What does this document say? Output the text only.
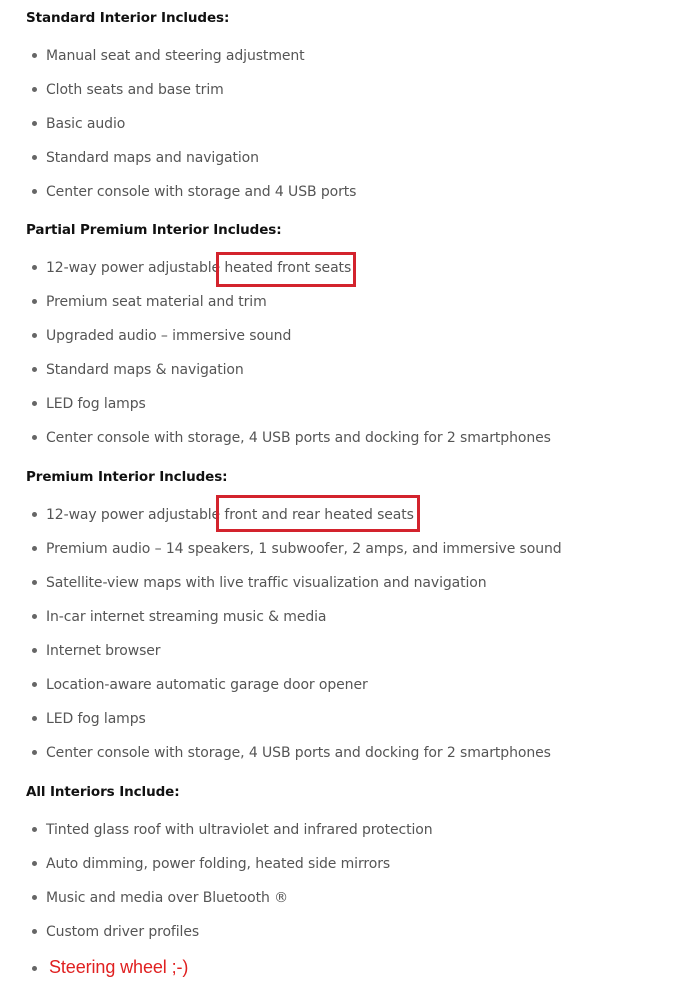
Standard Interior Includes:
Manual seat and steering adjustment
Cloth seats and base trim
Basic audio
Standard maps and navigation
Center console with storage and 4 USB ports
Partial Premium Interior Includes:
12-way power adjustable heated front seats
Premium seat material and trim
Upgraded audio – immersive sound
Standard maps & navigation
LED fog lamps
Center console with storage, 4 USB ports and docking for 2 smartphones
Premium Interior Includes:
12-way power adjustable front and rear heated seats
Premium audio – 14 speakers, 1 subwoofer, 2 amps, and immersive sound
Satellite-view maps with live traffic visualization and navigation
In-car internet streaming music & media
Internet browser
Location-aware automatic garage door opener
LED fog lamps
Center console with storage, 4 USB ports and docking for 2 smartphones
All Interiors Include:
Tinted glass roof with ultraviolet and infrared protection
Auto dimming, power folding, heated side mirrors
Music and media over Bluetooth ®
Custom driver profiles
Steering wheel ;-)
